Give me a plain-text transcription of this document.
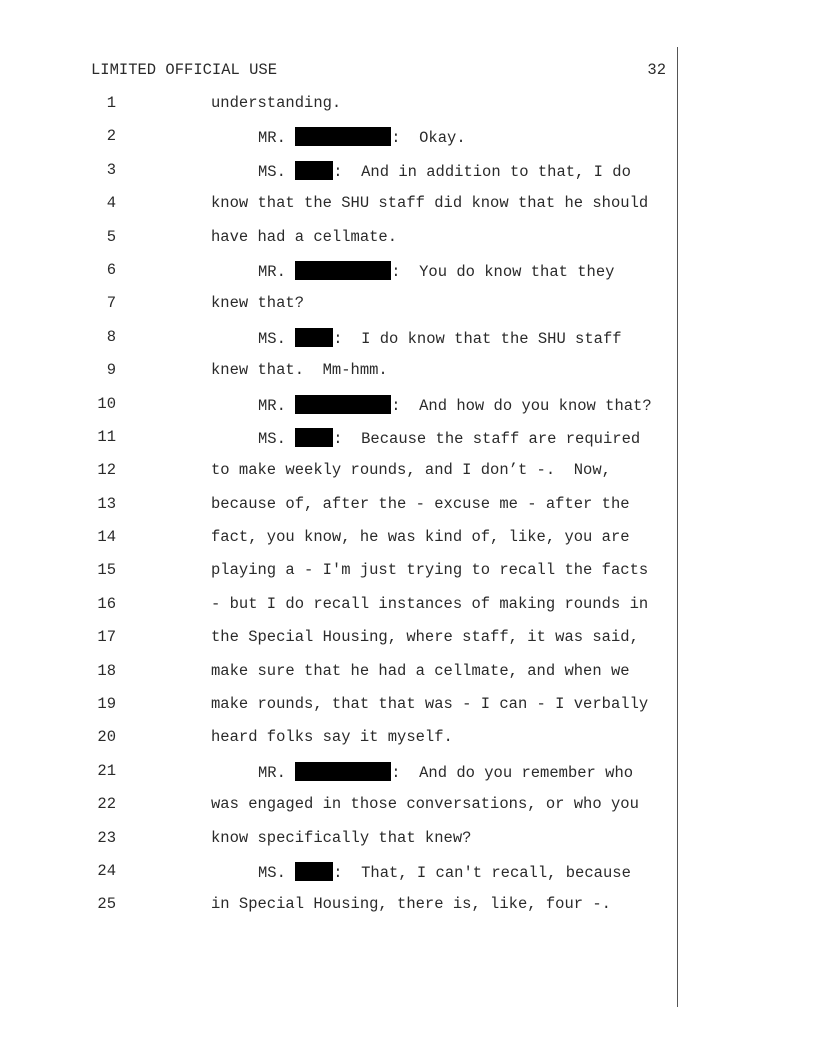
LIMITED OFFICIAL USE	32
1	understanding.
2	MR.	:  Okay.
3	MS. :  And in addition to that, I do
4	know that the SHU staff did know that he should
5	have had a cellmate.
6	MR.	:  You do know that they
7	knew that?
8	MS. :  I do know that the SHU staff
9	knew that.  Mm-hmm.
10	MR.	:  And how do you know that?
11	MS. :  Because the staff are required
12	to make weekly rounds, and I don’t -.  Now,
13	because of, after the - excuse me - after the
14	fact, you know, he was kind of, like, you are
15	playing a - I'm just trying to recall the facts
16	- but I do recall instances of making rounds in
17	the Special Housing, where staff, it was said,
18	make sure that he had a cellmate, and when we
19	make rounds, that that was - I can - I verbally
20	heard folks say it myself.
21	MR.	:  And do you remember who
22	was engaged in those conversations, or who you
23	know specifically that knew?
24	MS. :  That, I can't recall, because
25	in Special Housing, there is, like, four -.
